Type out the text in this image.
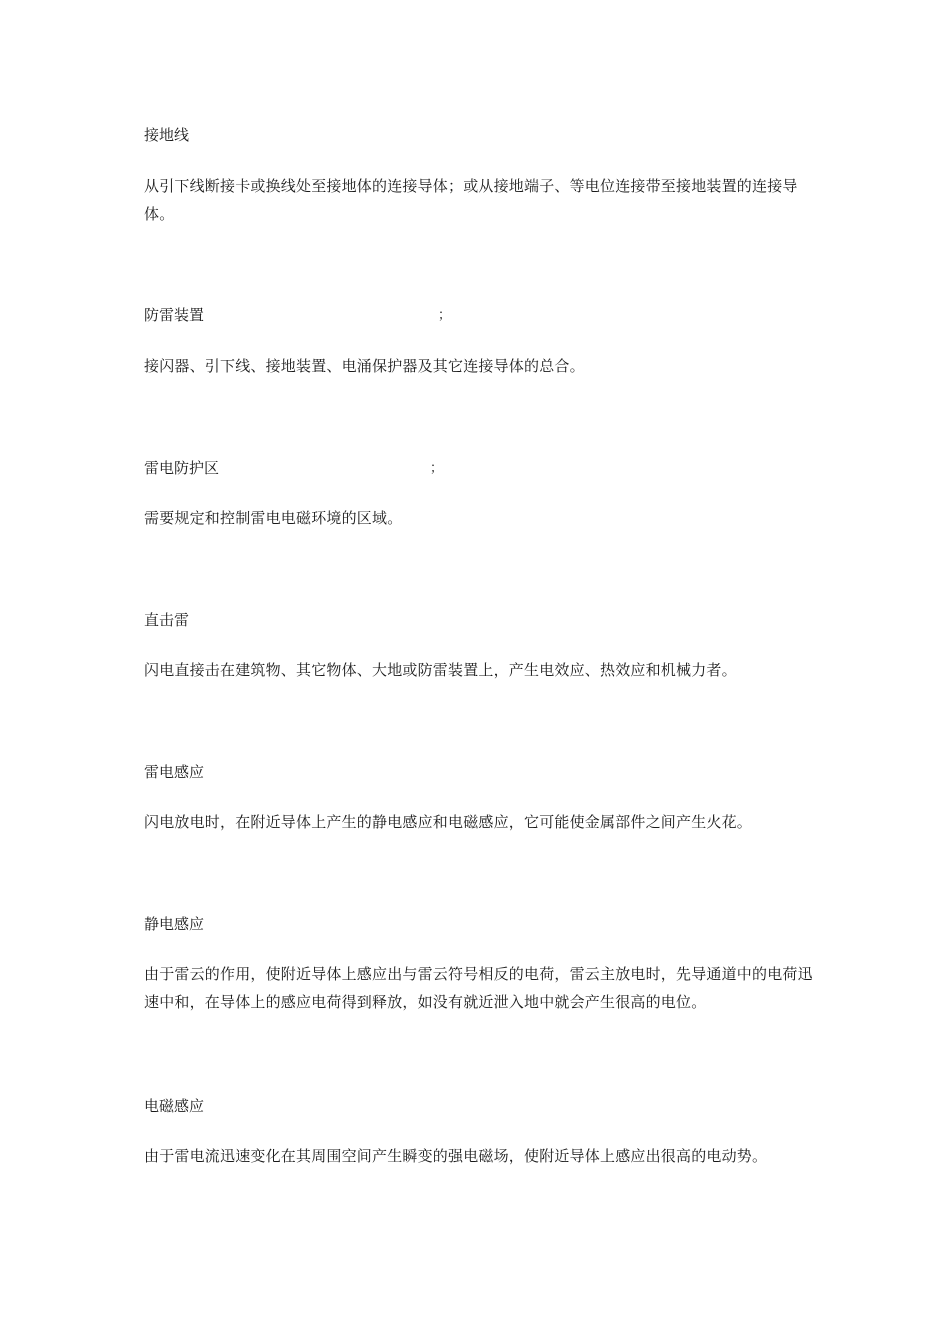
接地线
从引下线断接卡或换线处至接地体的连接导体；或从接地端子、等电位连接带至接地装置的连接导体。
防雷装置	；
接闪器、引下线、接地装置、电涌保护器及其它连接导体的总合。
雷电防护区	；
需要规定和控制雷电电磁环境的区域。
直击雷
闪电直接击在建筑物、其它物体、大地或防雷装置上，产生电效应、热效应和机械力者。
雷电感应
闪电放电时，在附近导体上产生的静电感应和电磁感应，它可能使金属部件之间产生火花。
静电感应
由于雷云的作用，使附近导体上感应出与雷云符号相反的电荷，雷云主放电时，先导通道中的电荷迅速中和，在导体上的感应电荷得到释放，如没有就近泄入地中就会产生很高的电位。
电磁感应
由于雷电流迅速变化在其周围空间产生瞬变的强电磁场，使附近导体上感应出很高的电动势。
